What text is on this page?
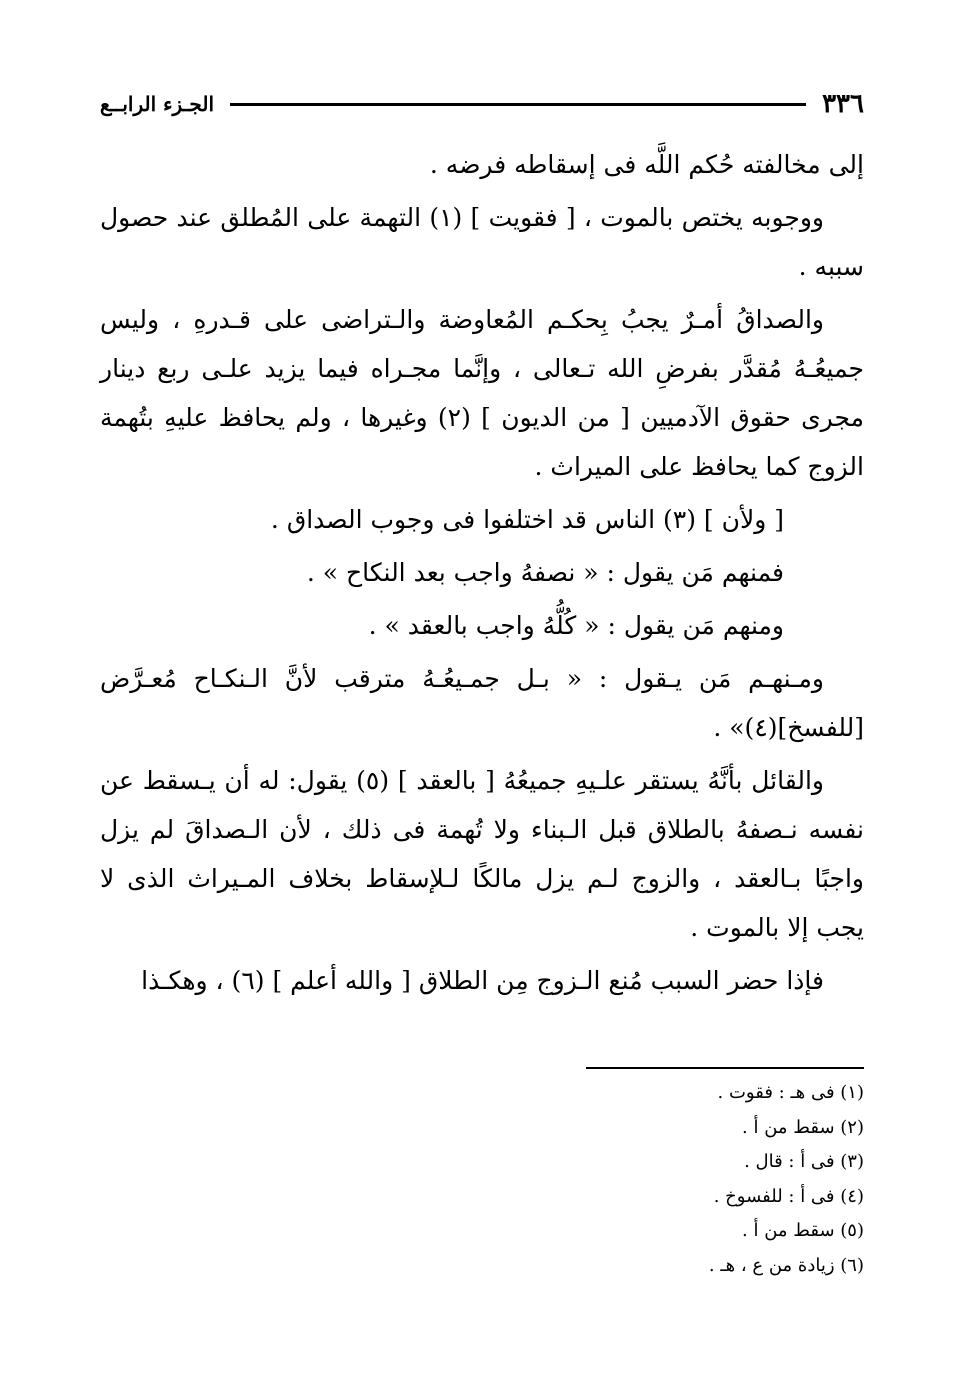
٣٣٦
الجـزء الرابــع

إلى مخالفته حُكم اللَّه فى إسقاطه فرضه .

ووجوبه يختص بالموت ، [ فقويت ] (١) التهمة على المُطلق عند حصول سببه .

والصداقُ أمـرٌ يجبُ بِحكـم المُعاوضة والـتراضى على قـدرهِ ، وليس جميعُـهُ مُقدَّر بفرضِ الله تـعالى ، وإنَّما مجـراه فيما يزيد علـى ربع دينار مجرى حقوق الآدميين [ من الديون ] (٢) وغيرها ، ولم يحافظ عليهِ بتُهمة الزوج كما يحافظ على الميراث .

[ ولأن ] (٣) الناس قد اختلفوا فى وجوب الصداق .

فمنهم مَن يقول : « نصفهُ واجب بعد النكاح » .

ومنهم مَن يقول : « كُلُّهُ واجب بالعقد » .

ومـنهـم مَن يـقول : « بـل جمـيعُـهُ مترقب لأنَّ الـنكـاح مُعـرَّض [للفسخ](٤)» .

والقائل بأنَّهُ يستقر علـيهِ جميعُهُ [ بالعقد ] (٥) يقول: له أن يـسقط عن نفسه نـصفهُ بالطلاق قبل الـبناء ولا تُهمة فى ذلك ، لأن الـصداقَ لم يزل واجبًا بـالعقد ، والزوج لـم يزل مالكًا لـلإسقاط بخلاف المـيراث الذى لا يجب إلا بالموت .

فإذا حضر السبب مُنع الـزوج مِن الطلاق [ والله أعلم ] (٦) ، وهكـذا

(١) فى هـ : فقوت .
(٢) سقط من أ .
(٣) فى أ : قال .
(٤) فى أ : للفسوخ .
(٥) سقط من أ .
(٦) زيادة من ع ، هـ .
